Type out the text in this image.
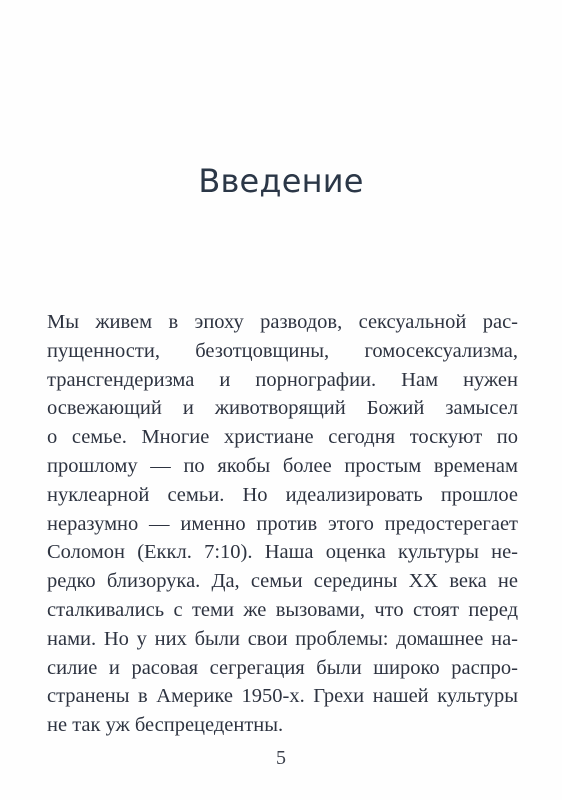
Введение
Мы живем в эпоху разводов, сексуальной рас-
пущенности, безотцовщины, гомосексуализма,
трансгендеризма и порнографии. Нам нужен
освежающий и животворящий Божий замысел
о семье. Многие христиане сегодня тоскуют по
прошлому — по якобы более простым временам
нуклеарной семьи. Но идеализировать прошлое
неразумно — именно против этого предостерегает
Соломон (Еккл. 7:10). Наша оценка культуры не-
редко близорука. Да, семьи середины XX века не
сталкивались с теми же вызовами, что стоят перед
нами. Но у них были свои проблемы: домашнее на-
силие и расовая сегрегация были широко распро-
странены в Америке 1950-х. Грехи нашей культуры
не так уж беспрецедентны.
5
